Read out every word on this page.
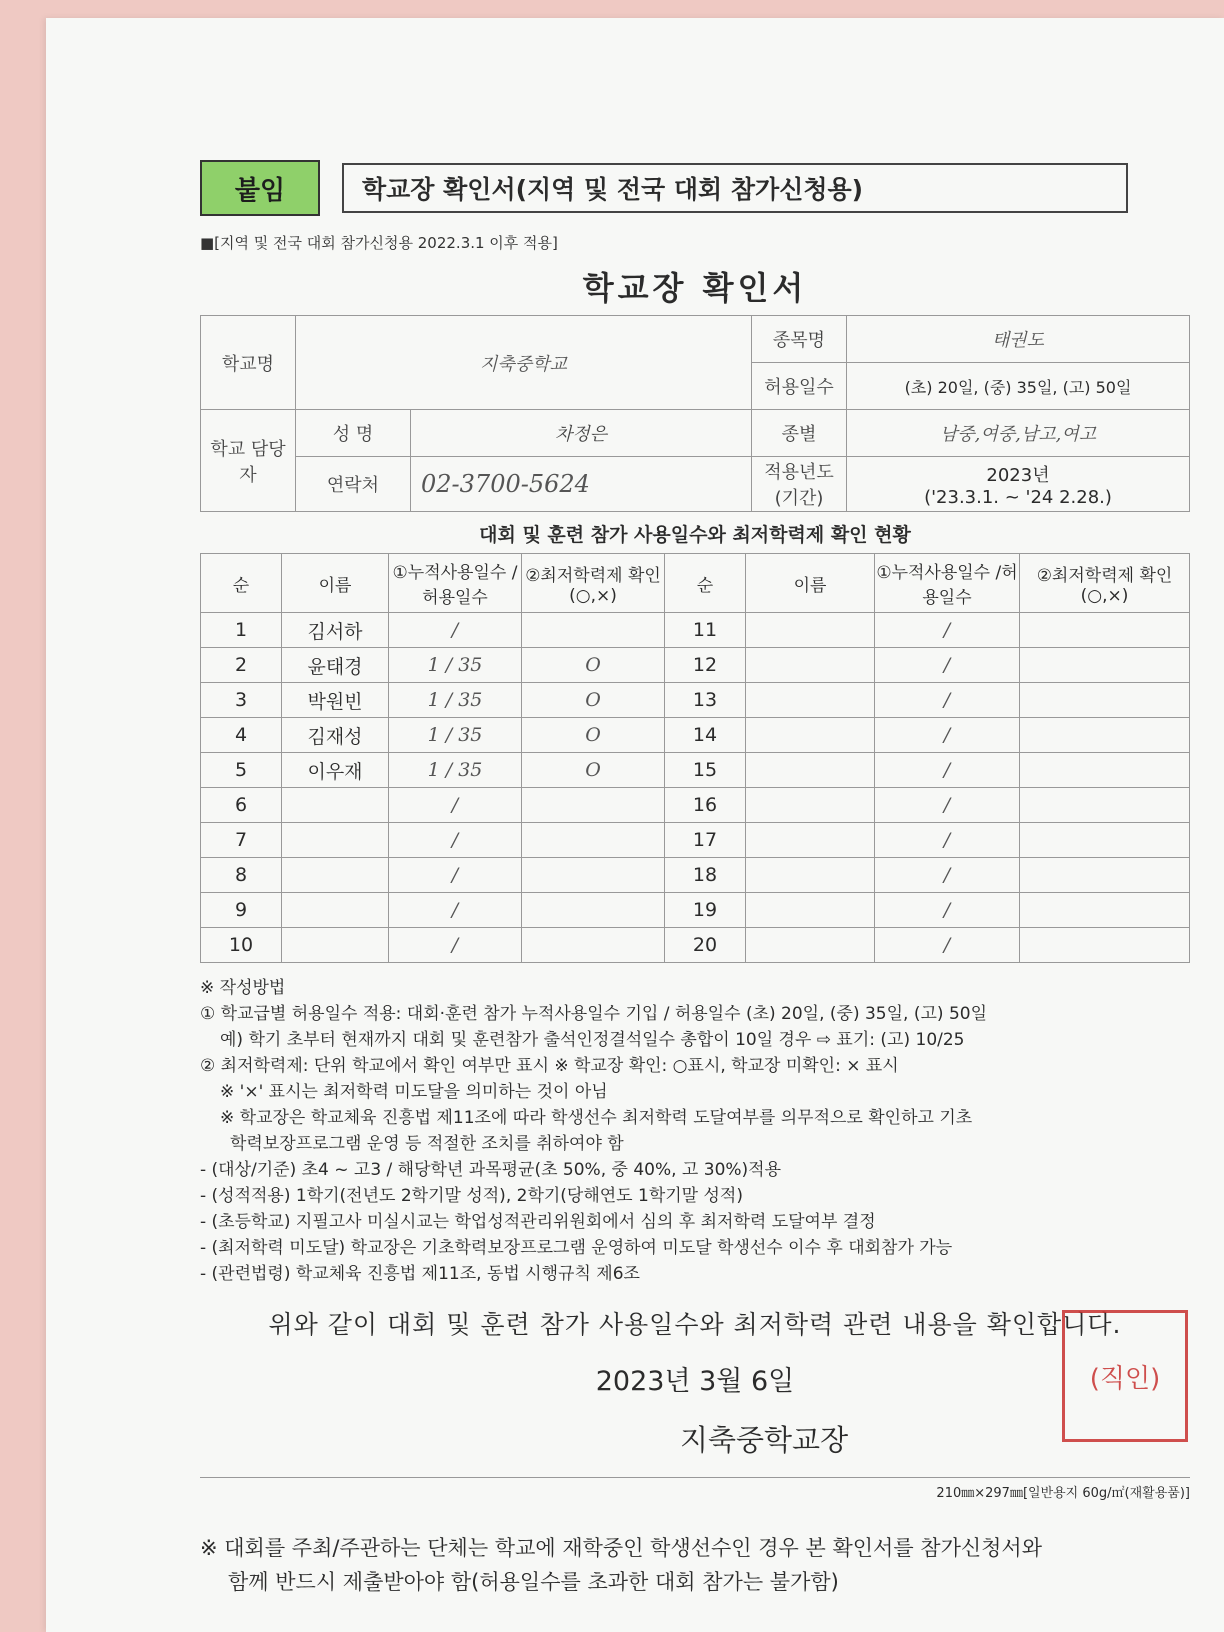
붙임	학교장 확인서(지역 및 전국 대회 참가신청용)
■[지역 및 전국 대회 참가신청용 2022.3.1 이후 적용]
학교장 확인서
학교명	지축중학교		종목명	태권도
			허용일수	(초) 20일, (중) 35일, (고) 50일
학교 담당자	성 명	차정은	종별	남중,여중,남고,여고
	연락처	02-3700-5624	적용년도 (기간)	2023년
('23.3.1. ~ '24 2.28.)
대회 및 훈련 참가 사용일수와 최저학력제 확인 현황
순	이름	①누적사용일수 /허용일수	②최저학력제 확인(○,×)	순	이름	①누적사용일수 /허용일수	②최저학력제 확인(○,×)
1	김서하	/		11		/	
2	윤태경	1 / 35	O	12		/	
3	박원빈	1 / 35	O	13		/	
4	김재성	1 / 35	O	14		/	
5	이우재	1 / 35	O	15		/	
6		/		16		/	
7		/		17		/	
8		/		18		/	
9		/		19		/	
10		/		20		/	
※ 작성방법
① 학교급별 허용일수 적용: 대회·훈련 참가 누적사용일수 기입 / 허용일수 (초) 20일, (중) 35일, (고) 50일
예) 학기 초부터 현재까지 대회 및 훈련참가 출석인정결석일수 총합이 10일 경우 ⇨ 표기: (고) 10/25
② 최저학력제: 단위 학교에서 확인 여부만 표시 ※ 학교장 확인: ○표시, 학교장 미확인: × 표시
※ '×' 표시는 최저학력 미도달을 의미하는 것이 아님
※ 학교장은 학교체육 진흥법 제11조에 따라 학생선수 최저학력 도달여부를 의무적으로 확인하고 기초
학력보장프로그램 운영 등 적절한 조치를 취하여야 함
- (대상/기준) 초4 ~ 고3 / 해당학년 과목평균(초 50%, 중 40%, 고 30%)적용
- (성적적용) 1학기(전년도 2학기말 성적), 2학기(당해연도 1학기말 성적)
- (초등학교) 지필고사 미실시교는 학업성적관리위원회에서 심의 후 최저학력 도달여부 결정
- (최저학력 미도달) 학교장은 기초학력보장프로그램 운영하여 미도달 학생선수 이수 후 대회참가 가능
- (관련법령) 학교체육 진흥법 제11조, 동법 시행규칙 제6조
위와 같이 대회 및 훈련 참가 사용일수와 최저학력 관련 내용을 확인합니다.
2023년 3월 6일
지축중학교장
(직인)
210㎜×297㎜[일반용지 60g/㎡(재활용품)]
※ 대회를 주최/주관하는 단체는 학교에 재학중인 학생선수인 경우 본 확인서를 참가신청서와
함께 반드시 제출받아야 함(허용일수를 초과한 대회 참가는 불가함)
